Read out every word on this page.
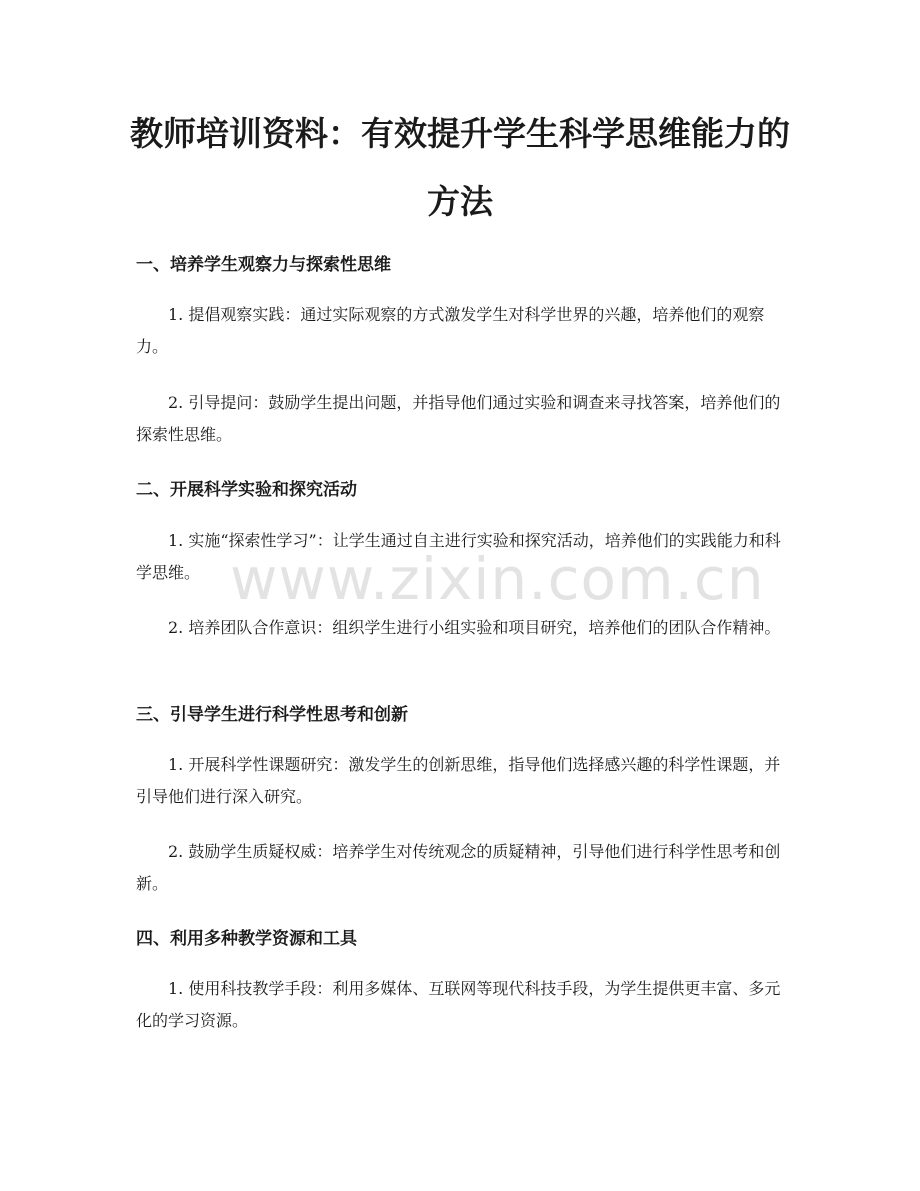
教师培训资料：有效提升学生科学思维能力的方法
一、培养学生观察力与探索性思维

1. 提倡观察实践：通过实际观察的方式激发学生对科学世界的兴趣，培养他们的观察力。

2. 引导提问：鼓励学生提出问题，并指导他们通过实验和调查来寻找答案，培养他们的探索性思维。

二、开展科学实验和探究活动

1. 实施“探索性学习”：让学生通过自主进行实验和探究活动，培养他们的实践能力和科学思维。

2. 培养团队合作意识：组织学生进行小组实验和项目研究，培养他们的团队合作精神。

三、引导学生进行科学性思考和创新

1. 开展科学性课题研究：激发学生的创新思维，指导他们选择感兴趣的科学性课题，并引导他们进行深入研究。

2. 鼓励学生质疑权威：培养学生对传统观念的质疑精神，引导他们进行科学性思考和创新。

四、利用多种教学资源和工具

1. 使用科技教学手段：利用多媒体、互联网等现代科技手段，为学生提供更丰富、多元化的学习资源。

www.zixin.com.cn
